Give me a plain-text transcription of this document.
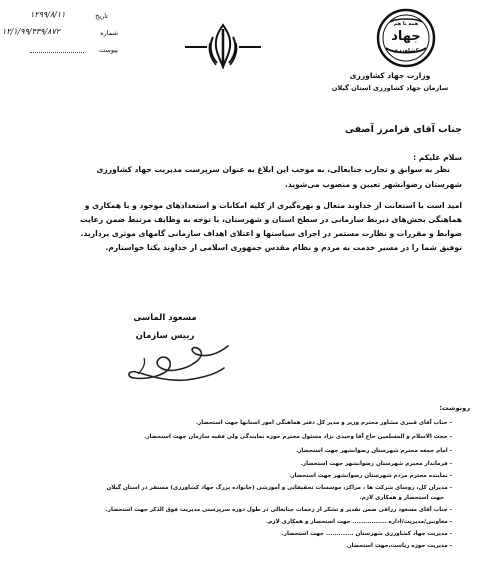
تاریخ
۱۲۹۹/۸/۱۱
شماره
۱۲/۱/۹۹/۴۳۹/۸۷۲
پیوست
همه با هم
جهاد
کشاورزی
وزارت جهاد کشاورزی
سازمان جهاد کشاورزی استان گیلان
جناب آقای فرامرز آصفی
سلام علیکم :
نظر به سوابق و تجارب جنابعالی، به موجب این ابلاغ به عنوان سرپرست مدیریت جهاد کشاورزی
شهرستان رضوانشهر تعیین و منصوب می‌شوید.
امید است با استعانت از خداوند متعال و بهره‌گیری از کلیه امکانات و استعدادهای موجود و با همکاری و
هماهنگی بخش‌های ذیربط سازمانی در سطح استان و شهرستان، با توجه به وظایف مرتبط ضمن رعایت
ضوابط و مقررات و نظارت مستمر در اجرای سیاستها و اعتلای اهداف سازمانی گامهای موثری بردارید.
توفیق شما را در مسیر خدمت به مردم و نظام مقدس جمهوری اسلامی از خداوند یکتا خواستارم.
مسعود الماسی
رییس سازمان
رونوشت:
- جناب آقای قنبری مشاور محترم وزیر و مدیر کل دفتر هماهنگی امور استانها جهت استحضار.
- حجت الاسلام و المسلمین حاج آقا وحیدی نژاد مسئول محترم حوزه نمایندگی ولی فقیه سازمان جهت استحضار.
- امام جمعه محترم شهرستان رضوانشهر جهت استحضار.
- فرماندار محترم شهرستان رضوانشهر جهت استحضار.
- نماینده محترم مردم شهرستان رضوانشهر جهت استحضار.
- مدیران کل، روسای شرکت ها ، مراکز، موسسات تحقیقاتی و آموزشی (خانواده بزرگ جهاد کشاورزی) مستقر در استان گیلان
جهت استحضار و همکاری لازم.
- جناب آقای مسعود رزاقی ضمن تقدیر و تشکر از زحمات جنابعالی در طول دوره سرپرستی مدیریت فوق الذکر جهت استحضار.
- معاونین/مدیریت/اداره ................ جهت استحضار و همکاری لازم.
- مدیریت جهاد کشاورزی شهرستان ............. جهت استحضار.
- مدیریت حوزه ریاست،جهت استحضار.
